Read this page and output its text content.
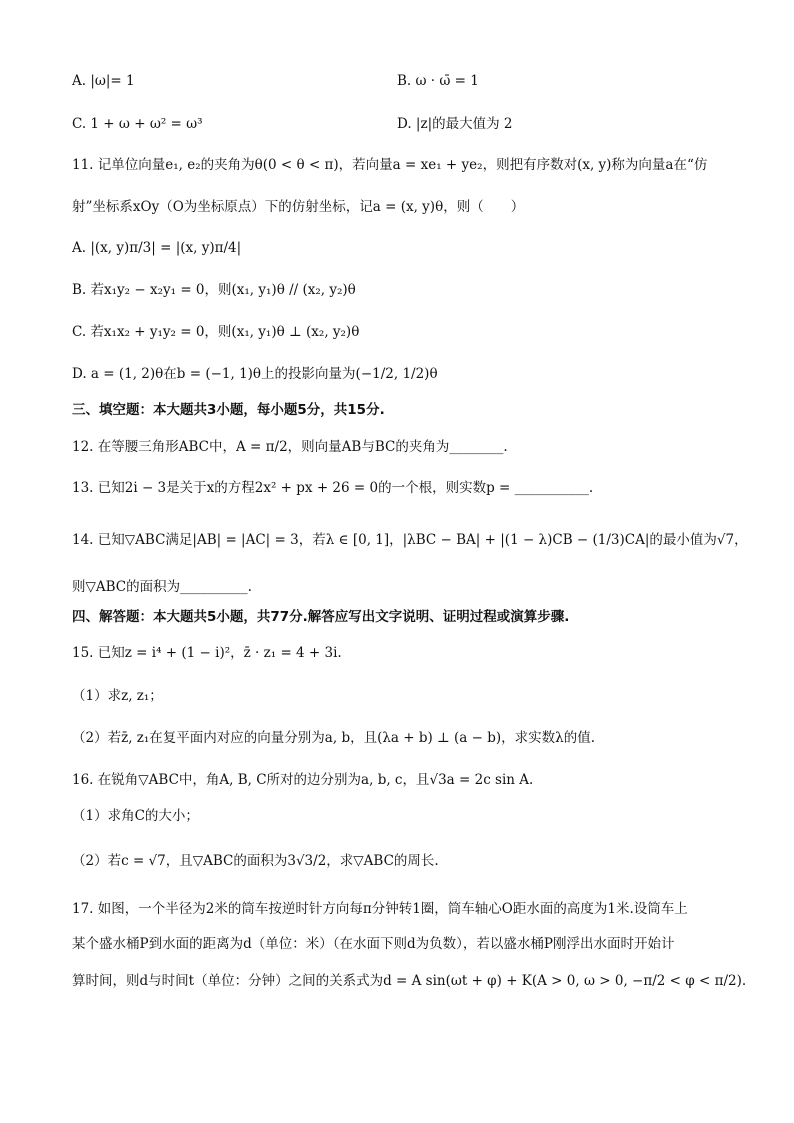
A. |ω|= 1	B. ω · ω̄ = 1
C. 1 + ω + ω² = ω³	D. |z|的最大值为 2
11. 记单位向量e₁, e₂的夹角为θ(0 < θ < π)，若向量a = xe₁ + ye₂，则把有序数对(x, y)称为向量a在“仿
射”坐标系xOy（O为坐标原点）下的仿射坐标，记a = (x, y)θ，则（　　）
A. |(x, y)π/3| = |(x, y)π/4|
B. 若x₁y₂ − x₂y₁ = 0，则(x₁, y₁)θ // (x₂, y₂)θ
C. 若x₁x₂ + y₁y₂ = 0，则(x₁, y₁)θ ⊥ (x₂, y₂)θ
D. a = (1, 2)θ在b = (−1, 1)θ上的投影向量为(−1/2, 1/2)θ
三、填空题：本大题共3小题，每小题5分，共15分.
12. 在等腰三角形ABC中，A = π/2，则向量AB与BC的夹角为________.
13. 已知2i − 3是关于x的方程2x² + px + 26 = 0的一个根，则实数p = ___________.
14. 已知▽ABC满足|AB| = |AC| = 3，若λ ∈ [0, 1]，|λBC − BA| + |(1 − λ)CB − (1/3)CA|的最小值为√7，
则▽ABC的面积为__________.
四、解答题：本大题共5小题，共77分.解答应写出文字说明、证明过程或演算步骤.
15. 已知z = i⁴ + (1 − i)²，z̄ · z₁ = 4 + 3i.
（1）求z, z₁；
（2）若z̄, z₁在复平面内对应的向量分别为a, b，且(λa + b) ⊥ (a − b)，求实数λ的值.
16. 在锐角▽ABC中，角A, B, C所对的边分别为a, b, c，且√3a = 2c sin A.
（1）求角C的大小；
（2）若c = √7，且▽ABC的面积为3√3/2，求▽ABC的周长.
17. 如图，一个半径为2米的筒车按逆时针方向每π分钟转1圈，筒车轴心O距水面的高度为1米.设筒车上
某个盛水桶P到水面的距离为d（单位：米）（在水面下则d为负数），若以盛水桶P刚浮出水面时开始计
算时间，则d与时间t（单位：分钟）之间的关系式为d = A sin(ωt + φ) + K(A > 0, ω > 0, −π/2 < φ < π/2).
